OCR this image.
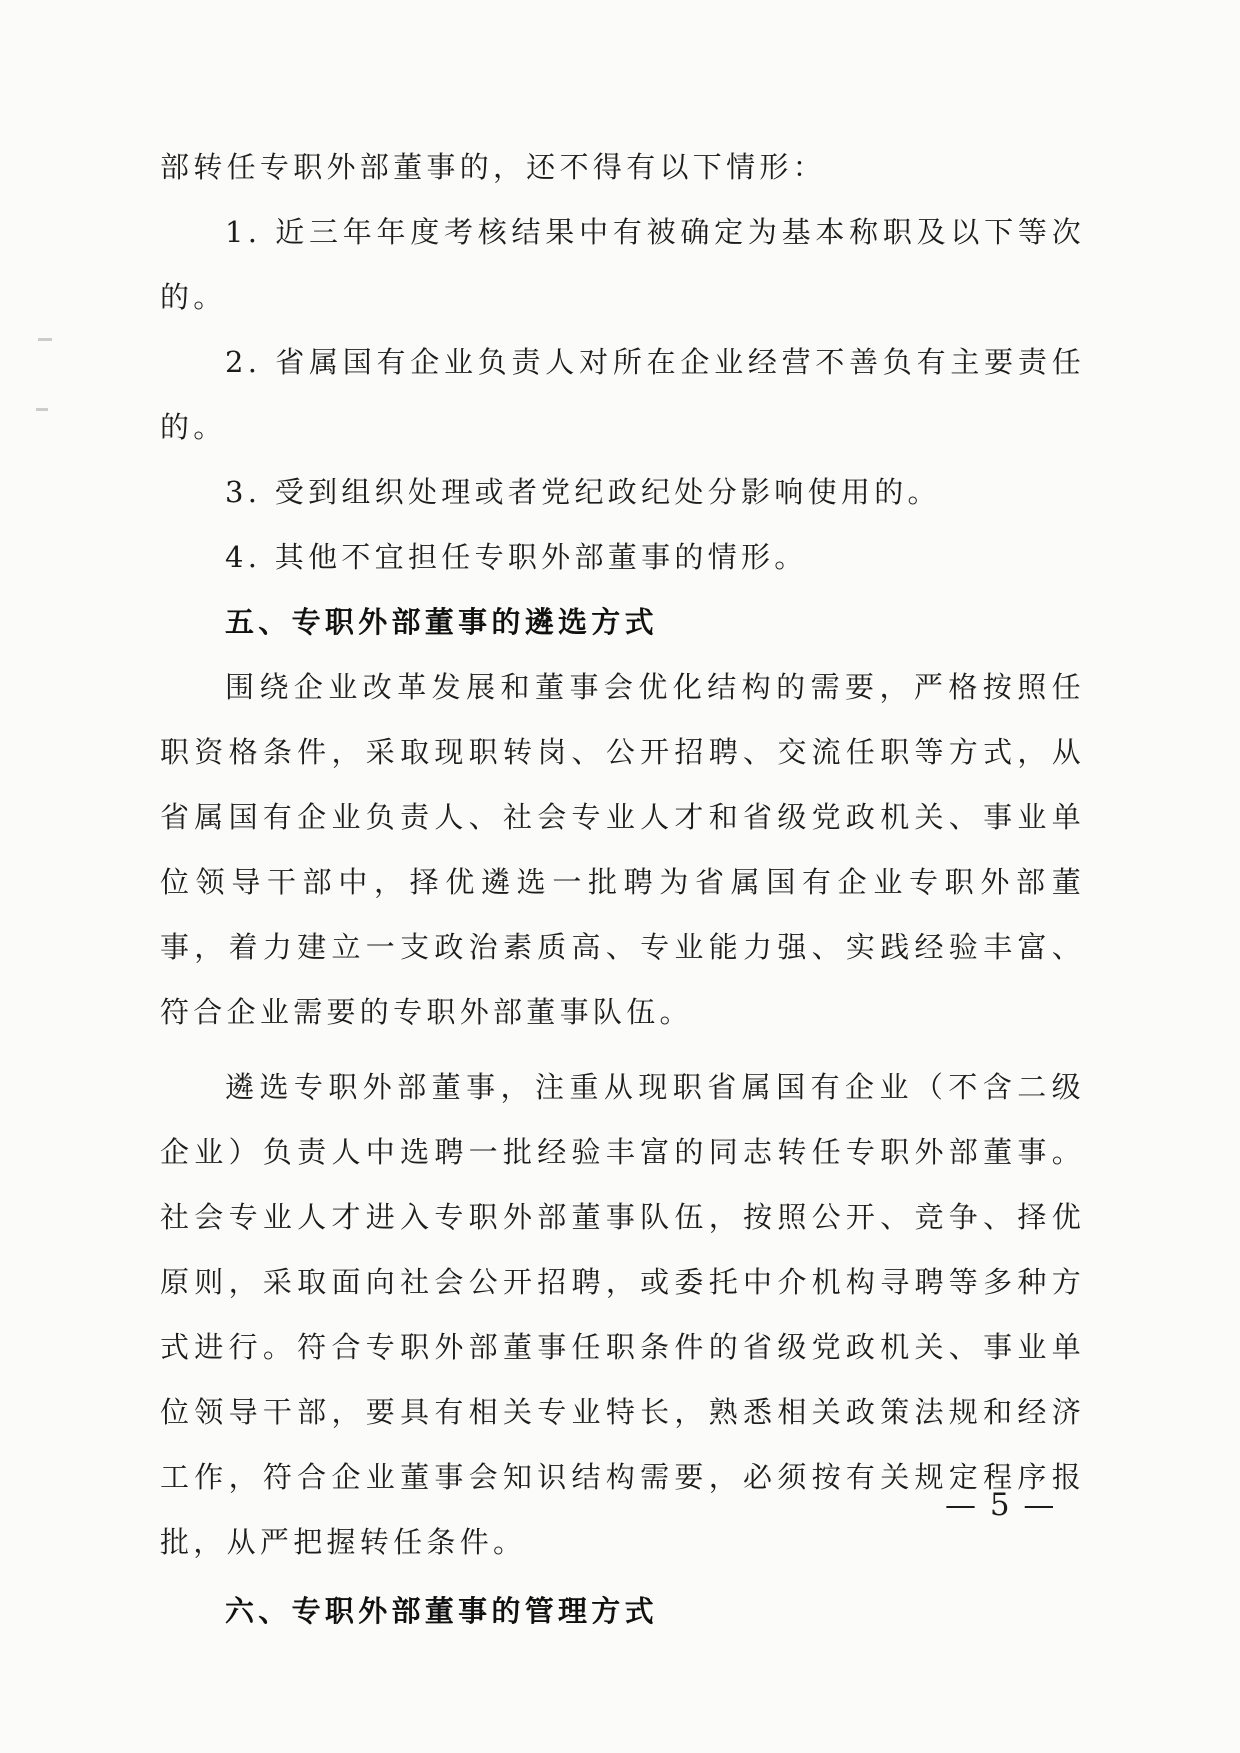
部转任专职外部董事的，还不得有以下情形：

1. 近三年年度考核结果中有被确定为基本称职及以下等次的。

2. 省属国有企业负责人对所在企业经营不善负有主要责任的。

3. 受到组织处理或者党纪政纪处分影响使用的。

4. 其他不宜担任专职外部董事的情形。

五、专职外部董事的遴选方式

围绕企业改革发展和董事会优化结构的需要，严格按照任职资格条件，采取现职转岗、公开招聘、交流任职等方式，从省属国有企业负责人、社会专业人才和省级党政机关、事业单位领导干部中，择优遴选一批聘为省属国有企业专职外部董事，着力建立一支政治素质高、专业能力强、实践经验丰富、符合企业需要的专职外部董事队伍。

遴选专职外部董事，注重从现职省属国有企业（不含二级企业）负责人中选聘一批经验丰富的同志转任专职外部董事。社会专业人才进入专职外部董事队伍，按照公开、竞争、择优原则，采取面向社会公开招聘，或委托中介机构寻聘等多种方式进行。符合专职外部董事任职条件的省级党政机关、事业单位领导干部，要具有相关专业特长，熟悉相关政策法规和经济工作，符合企业董事会知识结构需要，必须按有关规定程序报批，从严把握转任条件。

六、专职外部董事的管理方式

— 5 —
